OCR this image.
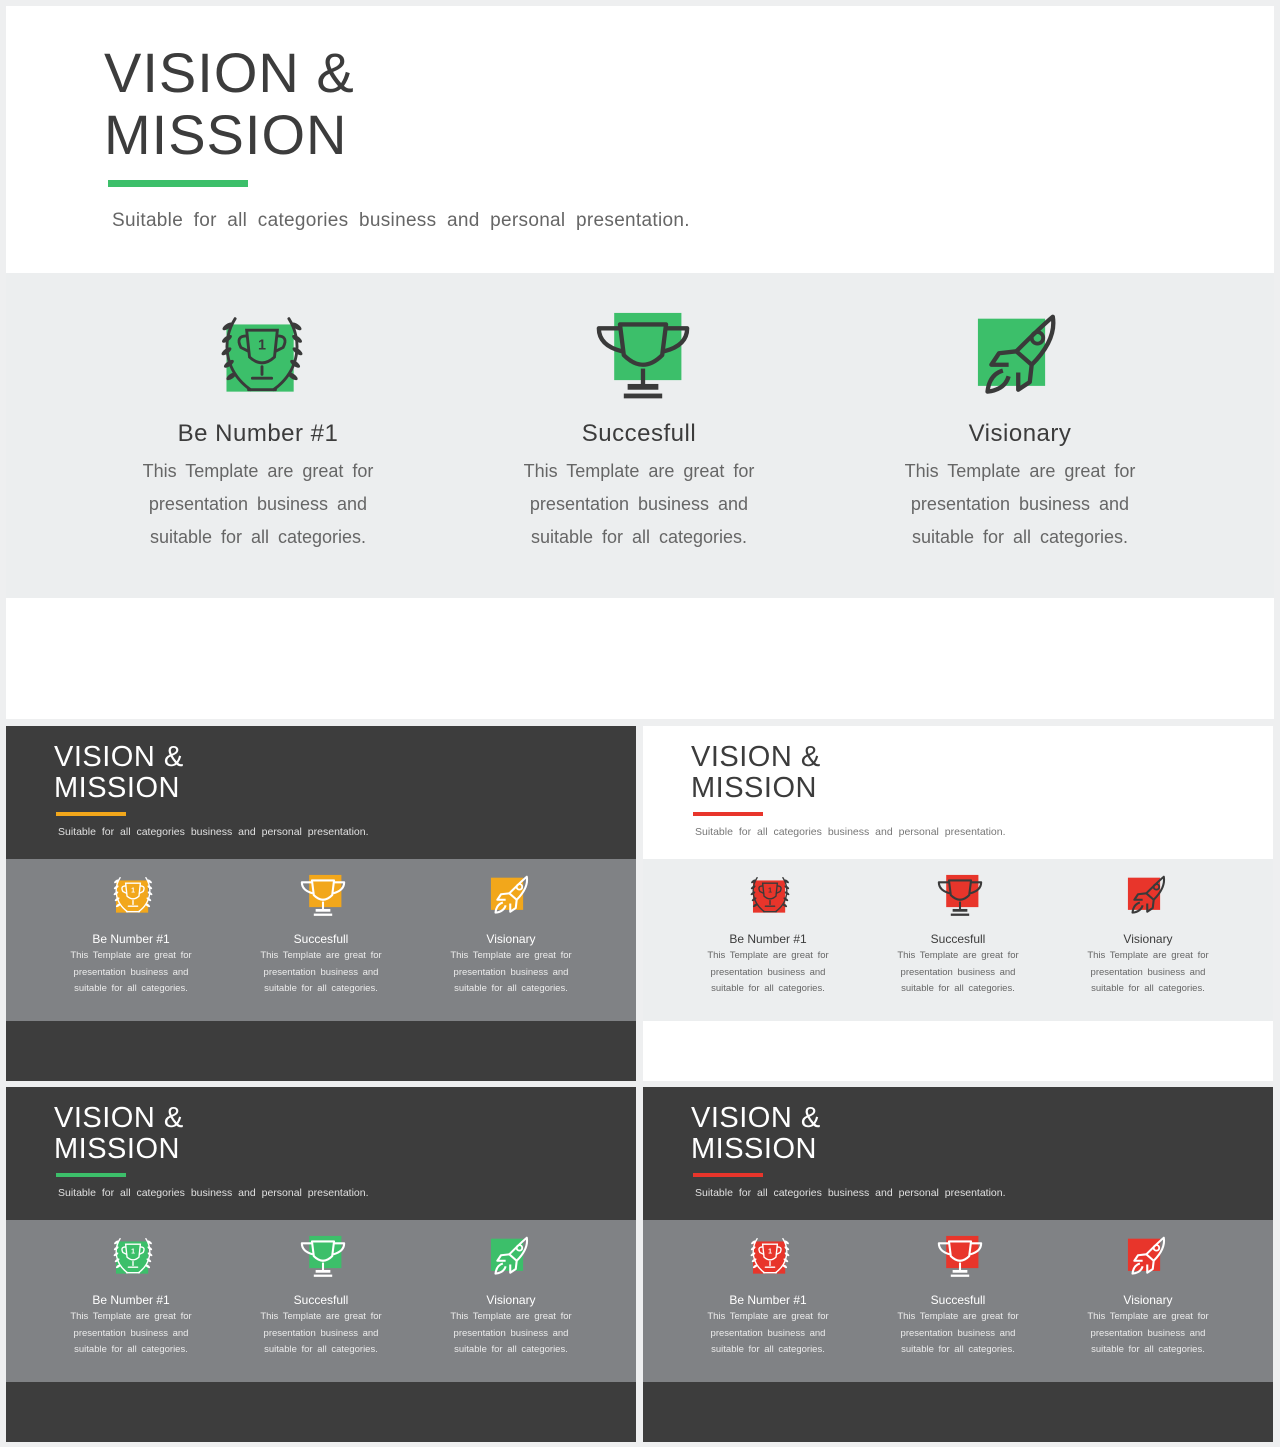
VISION &
MISSION
Suitable for all categories business and personal presentation.
1
Be Number #1
This Template are great for
presentation business and
suitable for all categories.
Succesfull
This Template are great for
presentation business and
suitable for all categories.
Visionary
This Template are great for
presentation business and
suitable for all categories.
VISION &
MISSION
Suitable for all categories business and personal presentation.
1
Be Number #1
This Template are great for
presentation business and
suitable for all categories.
Succesfull
This Template are great for
presentation business and
suitable for all categories.
Visionary
This Template are great for
presentation business and
suitable for all categories.
VISION &
MISSION
Suitable for all categories business and personal presentation.
1
Be Number #1
This Template are great for
presentation business and
suitable for all categories.
Succesfull
This Template are great for
presentation business and
suitable for all categories.
Visionary
This Template are great for
presentation business and
suitable for all categories.
VISION &
MISSION
Suitable for all categories business and personal presentation.
1
Be Number #1
This Template are great for
presentation business and
suitable for all categories.
Succesfull
This Template are great for
presentation business and
suitable for all categories.
Visionary
This Template are great for
presentation business and
suitable for all categories.
VISION &
MISSION
Suitable for all categories business and personal presentation.
1
Be Number #1
This Template are great for
presentation business and
suitable for all categories.
Succesfull
This Template are great for
presentation business and
suitable for all categories.
Visionary
This Template are great for
presentation business and
suitable for all categories.
